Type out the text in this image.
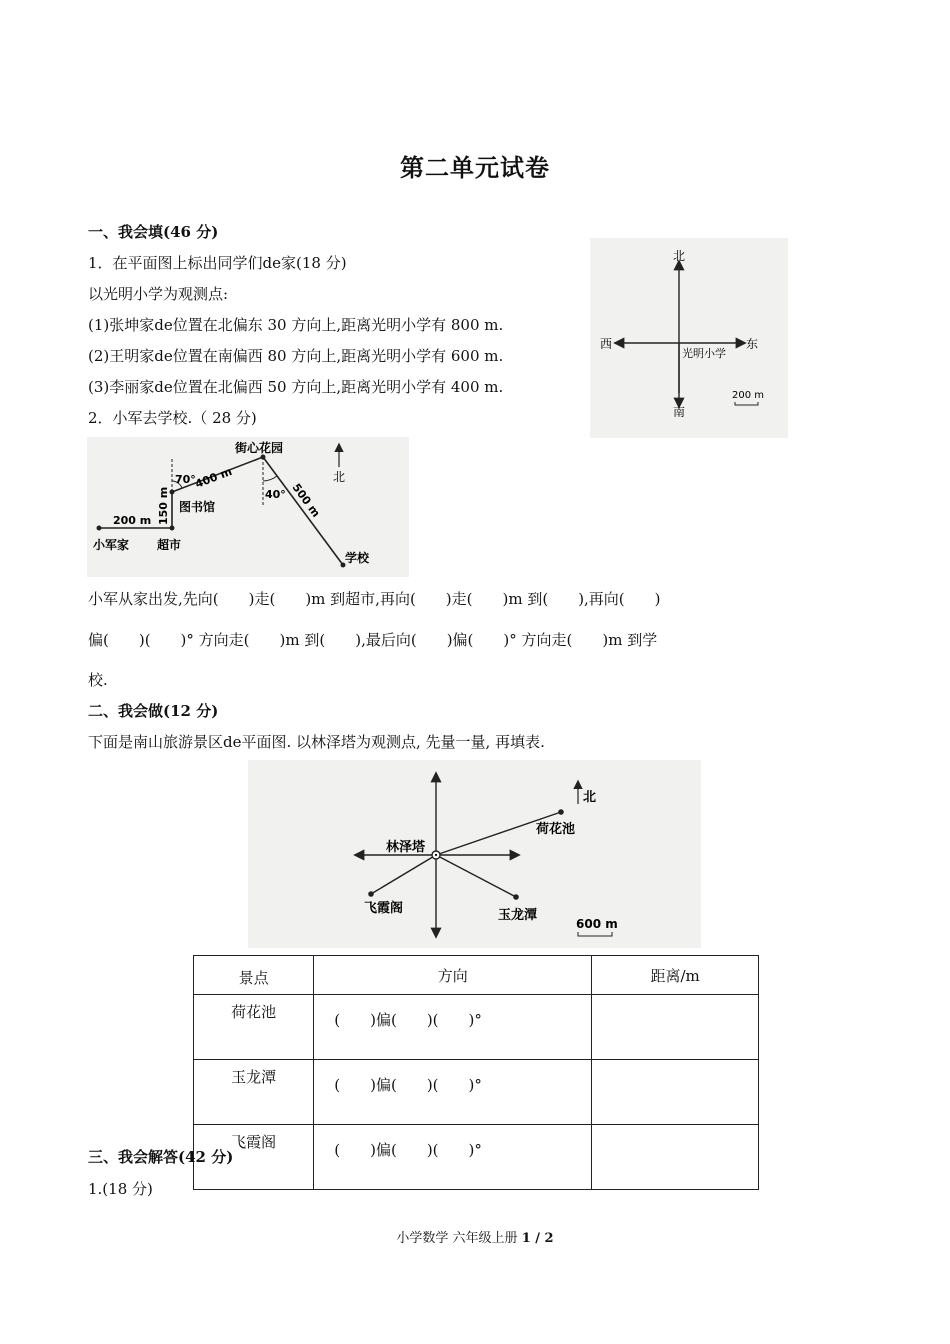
第二单元试卷
一、我会填(46 分)
1．在平面图上标出同学们de家(18 分)
以光明小学为观测点:
(1)张坤家de位置在北偏东 30 方向上,距离光明小学有 800 m.
(2)王明家de位置在南偏西 80 方向上,距离光明小学有 600 m.
(3)李丽家de位置在北偏西 50 方向上,距离光明小学有 400 m.
2．小军去学校.（ 28 分)
北
南
西	东
光明小学
200 m
北
街心花园
图书馆
小军家 超市
学校
200 m 150 m
400 m
500 m
70°
40°
小军从家出发,先向(　　)走(　　)m 到超市,再向(　　)走(　　)m 到(　　),再向(　　)
偏(　　)(　　)° 方向走(　　)m 到(　　),最后向(　　)偏(　　)° 方向走(　　)m 到学
校.
二、我会做(12 分)
下面是南山旅游景区de平面图. 以林泽塔为观测点, 先量一量, 再填表.
北
林泽塔
荷花池
飞霞阁	玉龙潭
600 m
景点	方向	距离/m
荷花池	(　　)偏(　　)(　　)°	
玉龙潭	(　　)偏(　　)(　　)°	
飞霞阁	(　　)偏(　　)(　　)°	
三、我会解答(42 分)
1.(18 分)
小学数学 六年级上册 1 / 2
